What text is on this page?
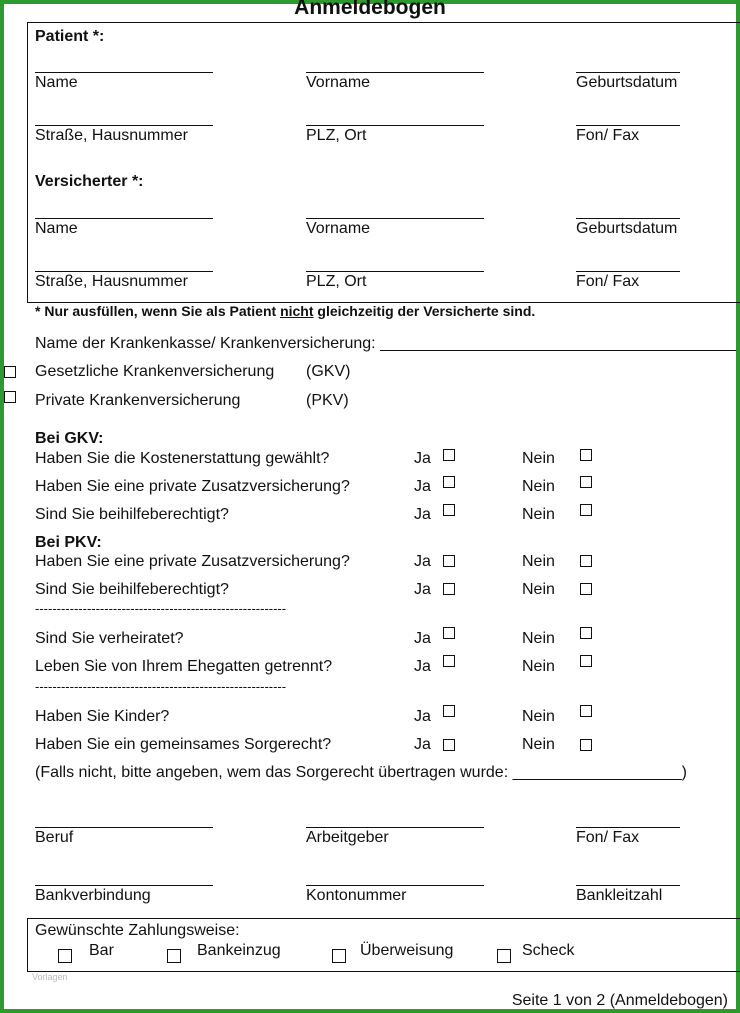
Anmeldebogen
Patient *:
Name	Vorname	Geburtsdatum
Straße, Hausnummer	PLZ, Ort	Fon/ Fax
Versicherter *:
Name	Vorname	Geburtsdatum
Straße, Hausnummer	PLZ, Ort	Fon/ Fax
* Nur ausfüllen, wenn Sie als Patient nicht gleichzeitig der Versicherte sind.
Name der Krankenkasse/ Krankenversicherung: ________________________________________
Gesetzliche Krankenversicherung (GKV)
Private Krankenversicherung	(PKV)
Bei GKV:
Haben Sie die Kostenerstattung gewählt?	Ja	Nein
Haben Sie eine private Zusatzversicherung?	Ja	Nein
Sind Sie beihilfeberechtigt?	Ja	Nein
Bei PKV:
Haben Sie eine private Zusatzversicherung?	Ja	Nein
Sind Sie beihilfeberechtigt?	Ja	Nein
----------------------------------------------------------
Sind Sie verheiratet?	Ja	Nein
Leben Sie von Ihrem Ehegatten getrennt?	Ja	Nein
----------------------------------------------------------
Haben Sie Kinder?	Ja	Nein
Haben Sie ein gemeinsames Sorgerecht?	Ja	Nein
(Falls nicht, bitte angeben, wem das Sorgerecht übertragen wurde: ___________________)
Beruf	Arbeitgeber	Fon/ Fax
Bankverbindung	Kontonummer	Bankleitzahl
Gewünschte Zahlungsweise:
Bar	Bankeinzug	Überweisung	Scheck
Vorlagen
Seite 1 von 2 (Anmeldebogen)
